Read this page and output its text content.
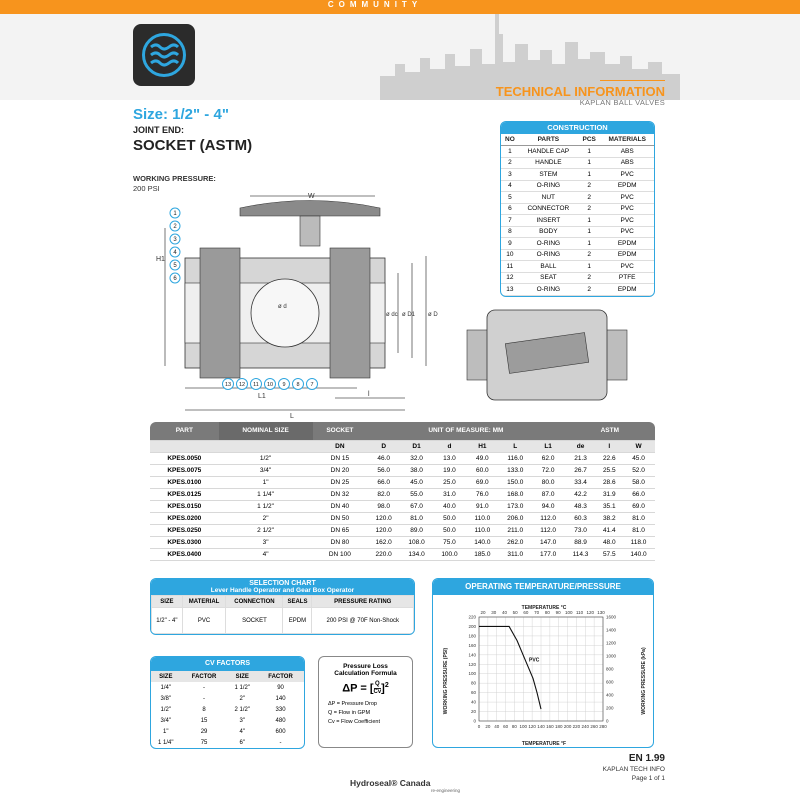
COMMUNITY
TECHNICAL INFORMATION
KAPLAN BALL VALVES
Size: 1/2" - 4"
JOINT END:
SOCKET (ASTM)
WORKING PRESSURE:
200 PSI
W
H1
ø d
ø dc ø D1 ø D
L1
L
l
1
2
3
4
5
6
13 12 11 10 9 8 7
CONSTRUCTION
NO	PARTS	PCS	MATERIALS
1	HANDLE CAP	1	ABS
2	HANDLE	1	ABS
3	STEM	1	PVC
4	O-RING	2	EPDM
5	NUT	2	PVC
6	CONNECTOR	2	PVC
7	INSERT	1	PVC
8	BODY	1	PVC
9	O-RING	1	EPDM
10	O-RING	2	EPDM
11	BALL	1	PVC
12	SEAT	2	PTFE
13	O-RING	2	EPDM
PART	NOMINAL SIZE	SOCKET	UNIT OF MEASURE: MM						ASTM		
		DN	D	D1	d	H1	L	L1	de	l	W
KPES.0050	1/2"	DN 15	46.0	32.0	13.0	49.0	116.0	62.0	21.3	22.6	45.0
KPES.0075	3/4"	DN 20	56.0	38.0	19.0	60.0	133.0	72.0	26.7	25.5	52.0
KPES.0100	1"	DN 25	66.0	45.0	25.0	69.0	150.0	80.0	33.4	28.6	58.0
KPES.0125	1 1/4"	DN 32	82.0	55.0	31.0	76.0	168.0	87.0	42.2	31.9	66.0
KPES.0150	1 1/2"	DN 40	98.0	67.0	40.0	91.0	173.0	94.0	48.3	35.1	69.0
KPES.0200	2"	DN 50	120.0	81.0	50.0	110.0	206.0	112.0	60.3	38.2	81.0
KPES.0250	2 1/2"	DN 65	120.0	89.0	50.0	110.0	211.0	112.0	73.0	41.4	81.0
KPES.0300	3"	DN 80	162.0	108.0	75.0	140.0	262.0	147.0	88.9	48.0	118.0
KPES.0400	4"	DN 100	220.0	134.0	100.0	185.0	311.0	177.0	114.3	57.5	140.0
SELECTION CHART
Lever Handle Operator and Gear Box Operator
SIZE	MATERIAL	CONNECTION	SEALS	PRESSURE RATING
1/2" - 4"	PVC	SOCKET	EPDM	200 PSI @ 70F Non-Shock
CV FACTORS
SIZE	FACTOR	SIZE	FACTOR
1/4"	-	1 1/2"	90
3/8"	-	2"	140
1/2"	8	2 1/2"	330
3/4"	15	3"	480
1"	29	4"	600
1 1/4"	75	6"	-
Pressure Loss
Calculation Formula
ΔP = [ $\frac{Q}{Cv} ]^2$
ΔP = Pressure Drop
Q = Flow in GPM
Cv = Flow Coefficient
OPERATING TEMPERATURE/PRESSURE
TEMPERATURE °C
TEMPERATURE °F
WORKING PRESSURE (PSI)	WORKING PRESSURE (kPa)
0 20 40 60 80 100 120 140 160 180 200 220 240 260 280
20 30 40 50 60 70 80 90 100 110 120 130
0
20
40
60
80
100
120
140
160
180
200
220
0
200
400
600
800
1000
1200
1400
1600
PVC
EN 1.99
KAPLAN TECH INFO
Page 1 of 1
Hydroseal® Canada
re-engineering
